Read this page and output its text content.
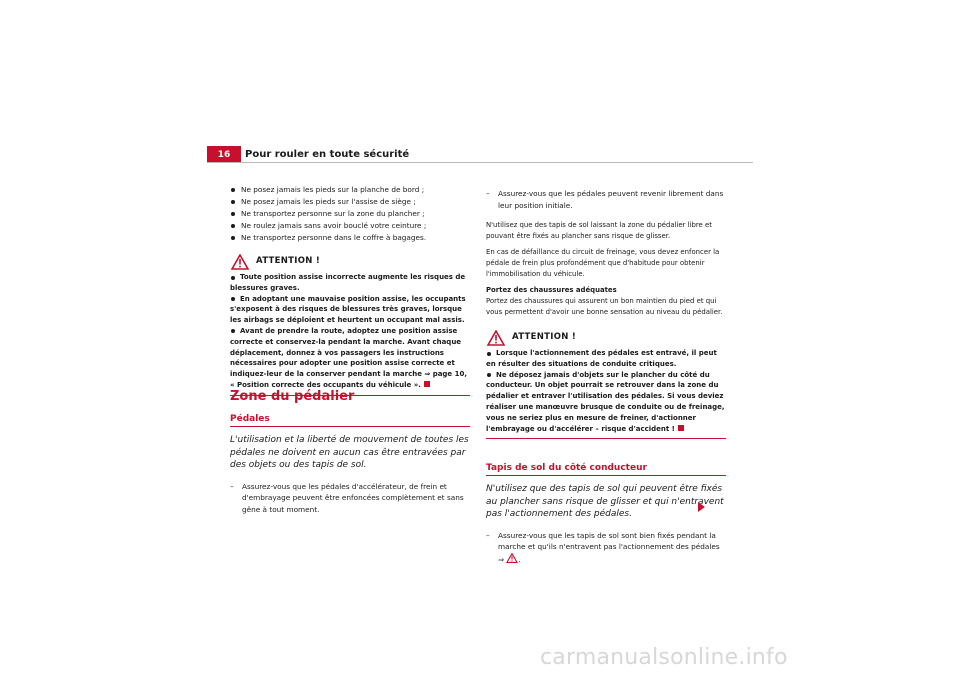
16	Pour rouler en toute sécurité
Ne posez jamais les pieds sur la planche de bord ;
Ne posez jamais les pieds sur l'assise de siège ;
Ne transportez personne sur la zone du plancher ;
Ne roulez jamais sans avoir bouclé votre ceinture ;
Ne transportez personne dans le coffre à bagages.
ATTENTION !
Toute position assise incorrecte augmente les risques de blessures graves.
En adoptant une mauvaise position assise, les occupants s'exposent à des risques de blessures très graves, lorsque les airbags se déploient et heurtent un occupant mal assis.
Avant de prendre la route, adoptez une position assise correcte et conservez-la pendant la marche. Avant chaque déplacement, donnez à vos passagers les instructions nécessaires pour adopter une position assise correcte et indiquez-leur de la conserver pendant la marche ⇒ page 10, « Position correcte des occupants du véhicule ».
Zone du pédalier
Pédales
L'utilisation et la liberté de mouvement de toutes les pédales ne doivent en aucun cas être entravées par des objets ou des tapis de sol.
– Assurez-vous que les pédales d'accélérateur, de frein et d'embrayage peuvent être enfoncées complètement et sans gêne à tout moment.
– Assurez-vous que les pédales peuvent revenir librement dans leur position initiale.
N'utilisez que des tapis de sol laissant la zone du pédalier libre et pouvant être fixés au plancher sans risque de glisser.
En cas de défaillance du circuit de freinage, vous devez enfoncer la pédale de frein plus profondément que d'habitude pour obtenir l'immobilisation du véhicule.
Portez des chaussures adéquates
Portez des chaussures qui assurent un bon maintien du pied et qui vous permettent d'avoir une bonne sensation au niveau du pédalier.
ATTENTION !
Lorsque l'actionnement des pédales est entravé, il peut en résulter des situations de conduite critiques.
Ne déposez jamais d'objets sur le plancher du côté du conducteur. Un objet pourrait se retrouver dans la zone du pédalier et entraver l'utilisation des pédales. Si vous deviez réaliser une manœuvre brusque de conduite ou de freinage, vous ne seriez plus en mesure de freiner, d'actionner l'embrayage ou d'accélérer – risque d'accident !
Tapis de sol du côté conducteur
N'utilisez que des tapis de sol qui peuvent être fixés au plancher sans risque de glisser et qui n'entravent pas l'actionnement des pédales.
– Assurez-vous que les tapis de sol sont bien fixés pendant la marche et qu'ils n'entravent pas l'actionnement des pédales
⇒ .
carmanualsonline.info
